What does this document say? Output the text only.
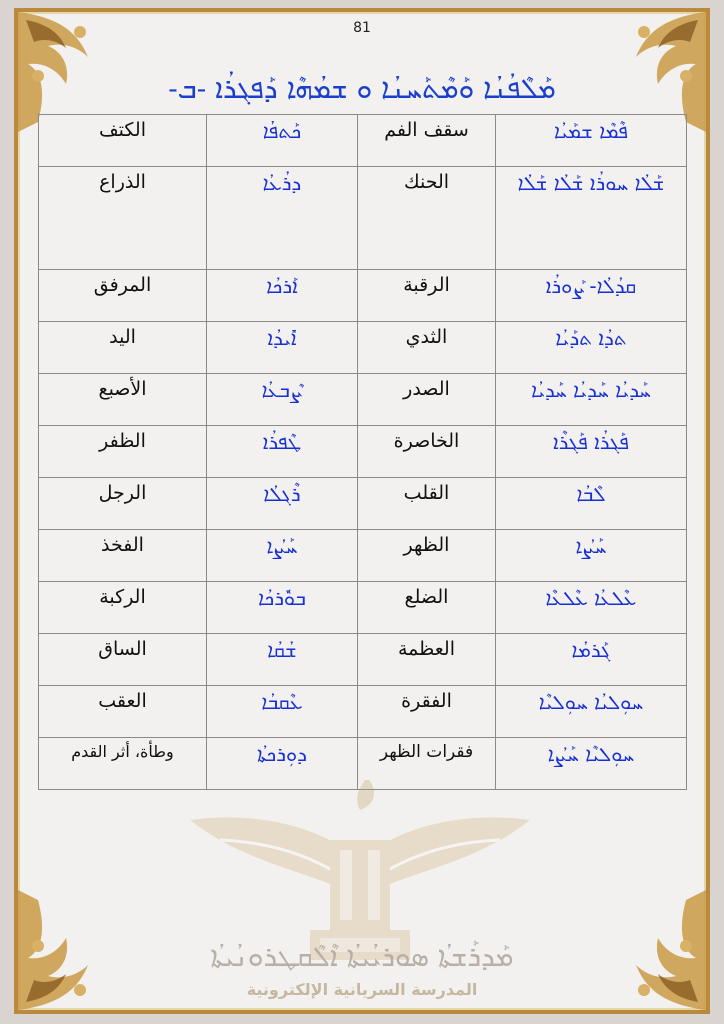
81
ܡܰܠܶܦܳܢܳܐ ܘܰܡܶܬܰܚܢܳܐ ܘ ܫܡܳܗܶܐ ܕܰܦܓܪܳܐ -ܒ-
ܦܶܡܶܐ ܫܡܰܝܳܐ	سقف الفم	ܟܰܬܦܳܐ	الكتف
ܫܰܠܳܐ ܚܘܪܳܐ ܫܰܠܳܐ ܫܰܠܳܐ	الحنك	ܕܪܳܥܳܐ	الذراع
ܩܕܳܠܳܐ- ܨܰܘܪܳܐ	الرقبة	ܐܰܪܟܳܐ	المرفق
ܬܕܳܐ ܬܕܰܝܳܐ	الثدي	ܐܺܝܕܳܐ	اليد
ܚܰܕܝܳܐ ܚܰܕܝܳܐ ܚܰܕܝܳܐ	الصدر	ܨܶܒܥܳܐ	الأصبع
ܦܰܓܪܳܐ ܦܰܓܪܶܐ	الخاصرة	ܛܶܦܪܳܐ	الظفر
ܠܶܒܳܐ	القلب	ܪܶܓܠܳܐ	الرجل
ܚܰܨܳܐ	الظهر	ܚܰܨܳܐ	الفخذ
ܥܶܠܥܳܐ ܥܶܠܥܶܐ	الضلع	ܒܘܽܪܟܳܐ	الركبة
ܓܰܪܡܳܐ	العظمة	ܫܳܩܳܐ	الساق
ܚܘܼܠܝܳܐ ܚܘܼܠܝܶܐ	الفقرة	ܥܶܩܒܳܐ	العقب
ܚܘܼܠܝܶܐ ܚܰܨܳܐ	فقرات الظهر	ܕܘܼܪܟܬܳܐ	وطأة، أثر القدم
ܡܰܕܪܰܫܬܳܐ ܣܘܪܝܳܝܬܳܐ ܐܶܠܶܩܛܪܘܢܳܝܬܳܐ
المدرسة السريانية الإلكترونية
